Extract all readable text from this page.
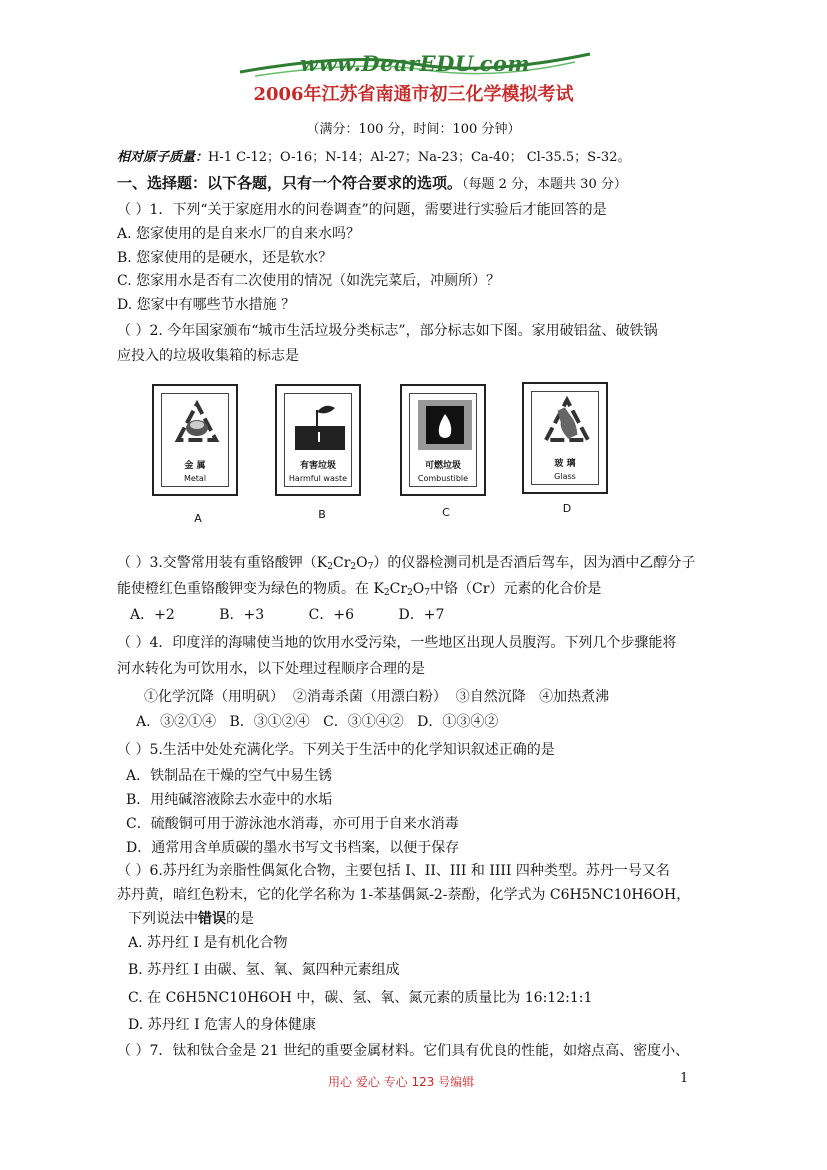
www.DearEDU.com
2006年江苏省南通市初三化学模拟考试
（满分：100 分，时间：100 分钟）
相对原子质量：H-1 C-12；O-16；N-14；Al-27；Na-23；Ca-40； Cl-35.5；S-32。
一、选择题：以下各题，只有一个符合要求的选项。（每题 2 分，本题共 30 分）
（ ）1．下列“关于家庭用水的问卷调查”的问题，需要进行实验后才能回答的是
A. 您家使用的是自来水厂的自来水吗？
B. 您家使用的是硬水，还是软水？
C. 您家用水是否有二次使用的情况（如洗完菜后，冲厕所）？
D. 您家中有哪些节水措施 ？
（ ）2. 今年国家颁布“城市生活垃圾分类标志”，部分标志如下图。家用破铝盆、破铁锅
应投入的垃圾收集箱的标志是
金 属
Metal
有害垃圾
Harmful waste
可燃垃圾
Combustible
玻 璃
Glass
A	B	C	D
（ ）3.交警常用装有重铬酸钾（K2Cr2O7）的仪器检测司机是否酒后驾车，因为酒中乙醇分子
能使橙红色重铬酸钾变为绿色的物质。在 K2Cr2O7中铬（Cr）元素的化合价是
A．+2          B．+3          C．+6          D．+7
（ ）4．印度洋的海啸使当地的饮用水受污染，一些地区出现人员腹泻。下列几个步骤能将
河水转化为可饮用水，以下处理过程顺序合理的是
①化学沉降（用明矾）  ②消毒杀菌（用漂白粉）  ③自然沉降   ④加热煮沸
A．③②①④   B．③①②④   C．③①④②   D．①③④②
（ ）5.生活中处处充满化学。下列关于生活中的化学知识叙述正确的是
A．铁制品在干燥的空气中易生锈
B．用纯碱溶液除去水壶中的水垢
C．硫酸铜可用于游泳池水消毒，亦可用于自来水消毒
D．通常用含单质碳的墨水书写文书档案，以便于保存
（ ）6.苏丹红为亲脂性偶氮化合物，主要包括 I、II、III 和 IIII 四种类型。苏丹一号又名
苏丹黄，暗红色粉末，它的化学名称为 1-苯基偶氮-2-萘酚，化学式为 C6H5NC10H6OH，
下列说法中错误的是
A. 苏丹红 I 是有机化合物
B. 苏丹红 I 由碳、氢、氧、氮四种元素组成
C. 在 C6H5NC10H6OH 中，碳、氢、氧、氮元素的质量比为 16:12:1:1
D. 苏丹红 I 危害人的身体健康
（ ）7．钛和钛合金是 21 世纪的重要金属材料。它们具有优良的性能，如熔点高、密度小、
用心 爱心 专心 123 号编辑	1
